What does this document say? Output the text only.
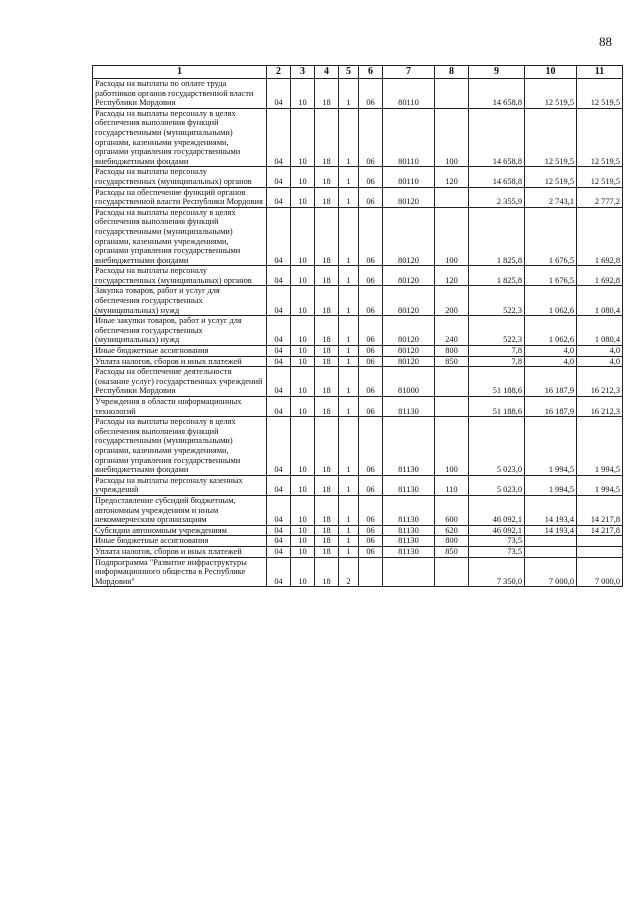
88
1	2	3	4	5	6	7	8	9	10	11
Расходы на выплаты по оплате труда работников органов государственной власти Республики Мордовия	04	10	18	1	06	80110		14 658,8	12 519,5	12 519,5
Расходы на выплаты персоналу в целях обеспечения выполнения функций государственными (муниципальными) органами, казенными учреждениями, органами управления государственными внебюджетными фондами	04	10	18	1	06	80110	100	14 658,8	12 519,5	12 519,5
Расходы на выплаты персоналу государственных (муниципальных) органов	04	10	18	1	06	80110	120	14 658,8	12 519,5	12 519,5
Расходы на обеспечение функций органов государственной власти Республики Мордовия	04	10	18	1	06	80120		2 355,9	2 743,1	2 777,2
Расходы на выплаты персоналу в целях обеспечения выполнения функций государственными (муниципальными) органами, казенными учреждениями, органами управления государственными внебюджетными фондами	04	10	18	1	06	80120	100	1 825,8	1 676,5	1 692,8
Расходы на выплаты персоналу государственных (муниципальных) органов	04	10	18	1	06	80120	120	1 825,8	1 676,5	1 692,8
Закупка товаров, работ и услуг для обеспечения государственных (муниципальных) нужд	04	10	18	1	06	80120	200	522,3	1 062,6	1 080,4
Иные закупки товаров, работ и услуг для обеспечения государственных (муниципальных) нужд	04	10	18	1	06	80120	240	522,3	1 062,6	1 080,4
Иные бюджетные ассигнования	04	10	18	1	06	80120	800	7,8	4,0	4,0
Уплата налогов, сборов и иных платежей	04	10	18	1	06	80120	850	7,8	4,0	4,0
Расходы на обеспечение деятельности (оказание услуг) государственных учреждений Республики Мордовия	04	10	18	1	06	81000		51 188,6	16 187,9	16 212,3
Учреждения в области информационных технологий	04	10	18	1	06	81130		51 188,6	16 187,9	16 212,3
Расходы на выплаты персоналу в целях обеспечения выполнения функций государственными (муниципальными) органами, казенными учреждениями, органами управления государственными внебюджетными фондами	04	10	18	1	06	81130	100	5 023,0	1 994,5	1 994,5
Расходы на выплаты персоналу казенных учреждений	04	10	18	1	06	81130	110	5 023,0	1 994,5	1 994,5
Предоставление субсидий бюджетным, автономным учреждениям и иным некоммерческим организациям	04	10	18	1	06	81130	600	46 092,1	14 193,4	14 217,8
Субсидии автономным учреждениям	04	10	18	1	06	81130	620	46 092,1	14 193,4	14 217,8
Иные бюджетные ассигнования	04	10	18	1	06	81130	800	73,5		
Уплата налогов, сборов и иных платежей	04	10	18	1	06	81130	850	73,5		
Подпрограмма "Развитие инфраструктуры информационного общества в Республике Мордовия"	04	10	18	2				7 350,0	7 000,0	7 000,0
